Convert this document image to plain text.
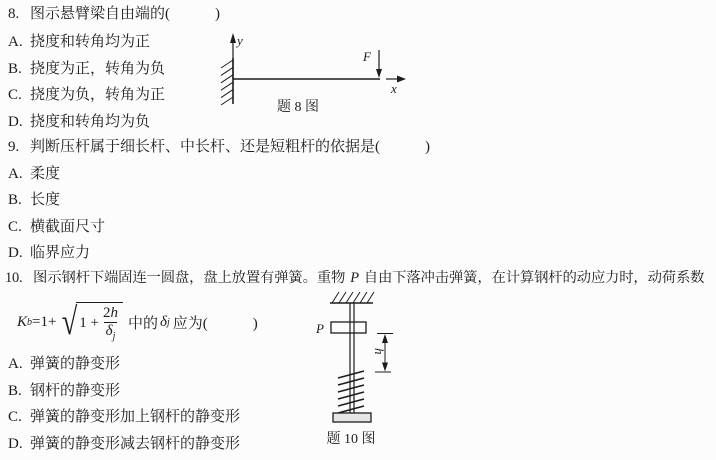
8. 图示悬臂梁自由端的(　　　)
A. 挠度和转角均为正
B. 挠度为正，转角为负
C. 挠度为负，转角为正
D. 挠度和转角均为负
y
F
x
题 8 图
9. 判断压杆属于细长杆、中长杆、还是短粗杆的依据是(　　　)
A. 柔度
B. 长度
C. 横截面尺寸
D. 临界应力
10. 图示钢杆下端固连一圆盘，盘上放置有弹簧。重物 P 自由下落冲击弹簧，在计算钢杆的动应力时，动荷系数
K b =1+ √ $1 + \frac{2h}{\delta_j}$ 中的 δ j 应为(　　　)
A. 弹簧的静变形
B. 钢杆的静变形
C. 弹簧的静变形加上钢杆的静变形
D. 弹簧的静变形减去钢杆的静变形
P
h
题 10 图
